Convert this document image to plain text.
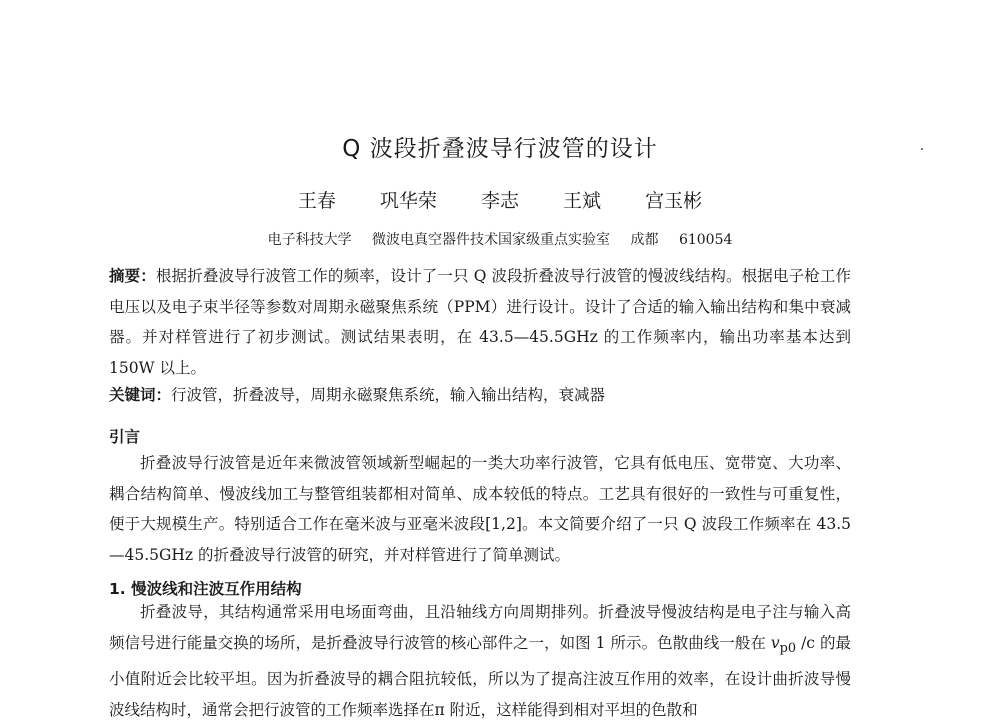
Q 波段折叠波导行波管的设计
王春 巩华荣 李志 王斌 宫玉彬
电子科技大学 微波电真空器件技术国家级重点实验室 成都 610054
摘要：根据折叠波导行波管工作的频率，设计了一只 Q 波段折叠波导行波管的慢波线结构。根据电子枪工作电压以及电子束半径等参数对周期永磁聚焦系统（PPM）进行设计。设计了合适的输入输出结构和集中衰减器。并对样管进行了初步测试。测试结果表明，在 43.5—45.5GHz 的工作频率内，输出功率基本达到 150W 以上。
关键词：行波管，折叠波导，周期永磁聚焦系统，输入输出结构，衰减器
引言
折叠波导行波管是近年来微波管领域新型崛起的一类大功率行波管，它具有低电压、宽带宽、大功率、耦合结构简单、慢波线加工与整管组装都相对简单、成本较低的特点。工艺具有很好的一致性与可重复性，便于大规模生产。特别适合工作在毫米波与亚毫米波段[1,2]。本文简要介绍了一只 Q 波段工作频率在 43.5—45.5GHz 的折叠波导行波管的研究，并对样管进行了简单测试。
1. 慢波线和注波互作用结构
折叠波导，其结构通常采用电场面弯曲，且沿轴线方向周期排列。折叠波导慢波结构是电子注与输入高频信号进行能量交换的场所，是折叠波导行波管的核心部件之一，如图 1 所示。色散曲线一般在 $v_{p0}$ /c 的最小值附近会比较平坦。因为折叠波导的耦合阻抗较低，所以为了提高注波互作用的效率，在设计曲折波导慢波线结构时，通常会把行波管的工作频率选择在π 附近，这样能得到相对平坦的色散和
